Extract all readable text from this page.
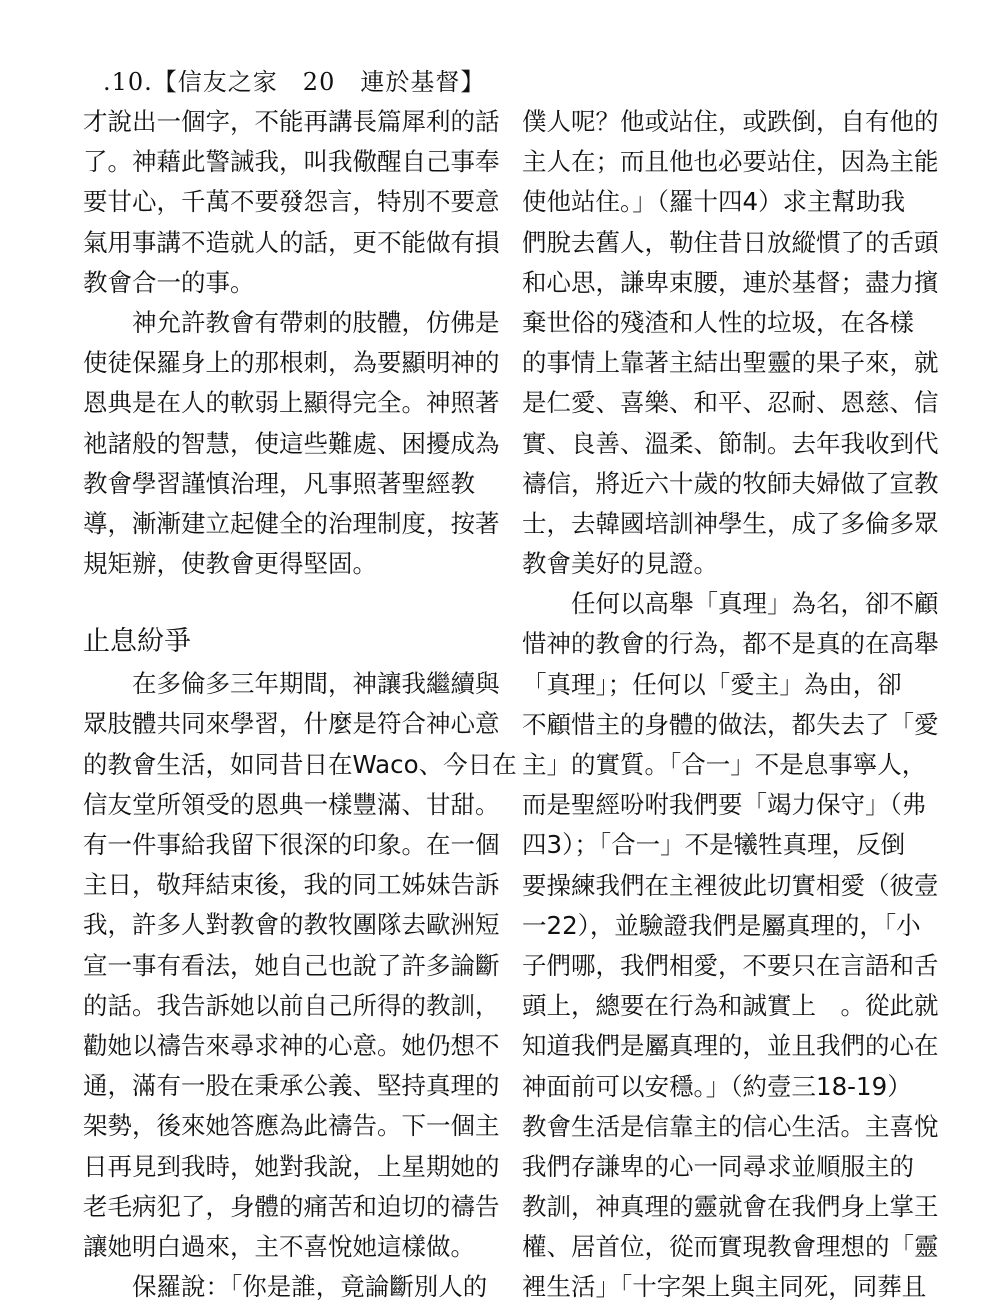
.10.【信友之家　20　連於基督】
才說出一個字，不能再講長篇犀利的話
了。神藉此警誡我，叫我儆醒自己事奉
要甘心，千萬不要發怨言，特別不要意
氣用事講不造就人的話，更不能做有損
教會合一的事。
神允許教會有帶刺的肢體，仿佛是
使徒保羅身上的那根刺，為要顯明神的
恩典是在人的軟弱上顯得完全。神照著
祂諸般的智慧，使這些難處、困擾成為
教會學習謹慎治理，凡事照著聖經教
導，漸漸建立起健全的治理制度，按著
規矩辦，使教會更得堅固。
止息紛爭
在多倫多三年期間，神讓我繼續與
眾肢體共同來學習，什麼是符合神心意
的教會生活，如同昔日在Waco、今日在
信友堂所領受的恩典一樣豐滿、甘甜。
有一件事給我留下很深的印象。在一個
主日，敬拜結束後，我的同工姊妹告訴
我，許多人對教會的教牧團隊去歐洲短
宣一事有看法，她自己也說了許多論斷
的話。我告訴她以前自己所得的教訓，
勸她以禱告來尋求神的心意。她仍想不
通，滿有一股在秉承公義、堅持真理的
架勢，後來她答應為此禱告。下一個主
日再見到我時，她對我說，上星期她的
老毛病犯了，身體的痛苦和迫切的禱告
讓她明白過來，主不喜悅她這樣做。
保羅說：「你是誰，竟論斷別人的
僕人呢？他或站住，或跌倒，自有他的
主人在；而且他也必要站住，因為主能
使他站住。」（羅十四4）求主幫助我
們脫去舊人，勒住昔日放縱慣了的舌頭
和心思，謙卑束腰，連於基督；盡力擯
棄世俗的殘渣和人性的垃圾，在各樣
的事情上靠著主結出聖靈的果子來，就
是仁愛、喜樂、和平、忍耐、恩慈、信
實、良善、溫柔、節制。去年我收到代
禱信，將近六十歲的牧師夫婦做了宣教
士，去韓國培訓神學生，成了多倫多眾
教會美好的見證。
任何以高舉「真理」為名，卻不顧
惜神的教會的行為，都不是真的在高舉
「真理」；任何以「愛主」為由，卻
不顧惜主的身體的做法，都失去了「愛
主」的實質。「合一」不是息事寧人，
而是聖經吩咐我們要「竭力保守」（弗
四3）；「合一」不是犧牲真理，反倒
要操練我們在主裡彼此切實相愛（彼壹
一22），並驗證我們是屬真理的，「小
子們哪，我們相愛，不要只在言語和舌
頭上，總要在行為和誠實上　。從此就
知道我們是屬真理的，並且我們的心在
神面前可以安穩。」（約壹三18-19）
教會生活是信靠主的信心生活。主喜悅
我們存謙卑的心一同尋求並順服主的
教訓，神真理的靈就會在我們身上掌王
權、居首位，從而實現教會理想的「靈
裡生活」「十字架上與主同死，同葬且
